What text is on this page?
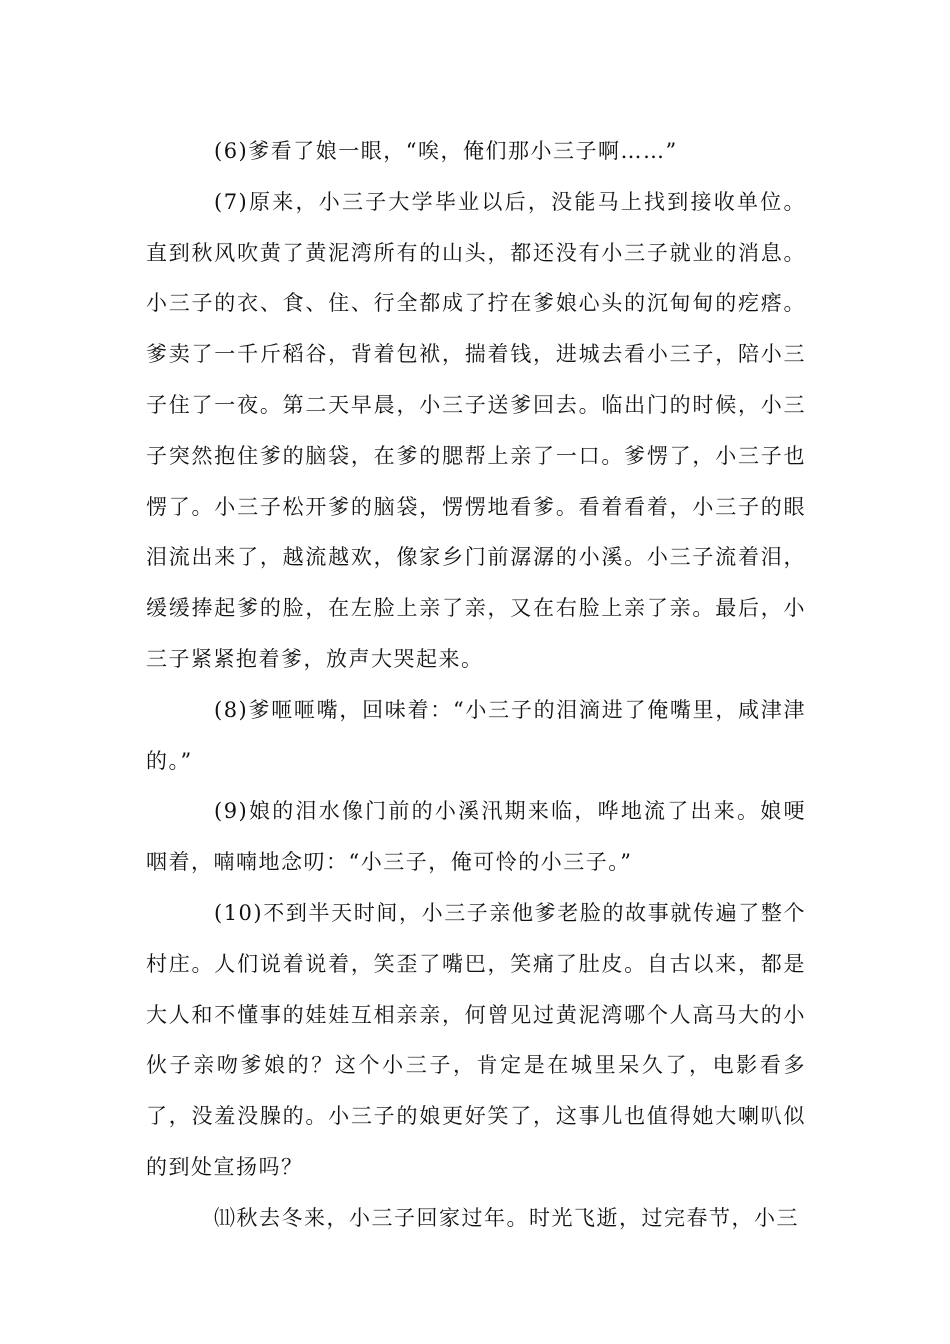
(6)爹看了娘一眼，“唉，俺们那小三子啊……”

(7)原来，小三子大学毕业以后，没能马上找到接收单位。直到秋风吹黄了黄泥湾所有的山头，都还没有小三子就业的消息。小三子的衣、食、住、行全都成了拧在爹娘心头的沉甸甸的疙瘩。爹卖了一千斤稻谷，背着包袱，揣着钱，进城去看小三子，陪小三子住了一夜。第二天早晨，小三子送爹回去。临出门的时候，小三子突然抱住爹的脑袋，在爹的腮帮上亲了一口。爹愣了，小三子也愣了。小三子松开爹的脑袋，愣愣地看爹。看着看着，小三子的眼泪流出来了，越流越欢，像家乡门前潺潺的小溪。小三子流着泪，缓缓捧起爹的脸，在左脸上亲了亲，又在右脸上亲了亲。最后，小三子紧紧抱着爹，放声大哭起来。

(8)爹咂咂嘴，回味着：“小三子的泪滴进了俺嘴里，咸津津的。”

(9)娘的泪水像门前的小溪汛期来临，哗地流了出来。娘哽咽着，喃喃地念叨：“小三子，俺可怜的小三子。”

(10)不到半天时间，小三子亲他爹老脸的故事就传遍了整个村庄。人们说着说着，笑歪了嘴巴，笑痛了肚皮。自古以来，都是大人和不懂事的娃娃互相亲亲，何曾见过黄泥湾哪个人高马大的小伙子亲吻爹娘的？这个小三子，肯定是在城里呆久了，电影看多了，没羞没臊的。小三子的娘更好笑了，这事儿也值得她大喇叭似的到处宣扬吗？

⑾秋去冬来，小三子回家过年。时光飞逝，过完春节，小三
